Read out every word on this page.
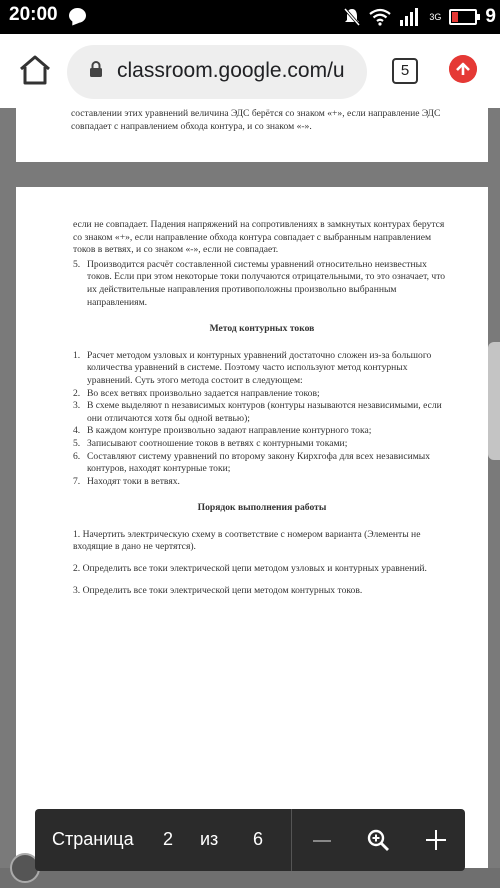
20:00	3G 9
classroom.google.com/u	5

составлении этих уравнений величина ЭДС берётся со знаком «+», если направление ЭДС совпадает с направлением обхода контура, и со знаком «-».

если не совпадает. Падения напряжений на сопротивлениях в замкнутых контурах берутся со знаком «+», если направление обхода контура совпадает с выбранным направлением токов в ветвях, и со знаком «-», если не совпадает.

5. Производится расчёт составленной системы уравнений относительно неизвестных токов. Если при этом некоторые токи получаются отрицательными, то это означает, что их действительные направления противоположны произвольно выбранным направлениям.

Метод контурных токов

1. Расчет методом узловых и контурных уравнений достаточно сложен из-за большого количества уравнений в системе. Поэтому часто используют метод контурных уравнений. Суть этого метода состоит в следующем:
2. Во всех ветвях произвольно задается направление токов;
3. В схеме выделяют n независимых контуров (контуры называются независимыми, если они отличаются хотя бы одной ветвью);
4. В каждом контуре произвольно задают направление контурного тока;
5. Записывают соотношение токов в ветвях с контурными токами;
6. Составляют систему уравнений по второму закону Кирхгофа для всех независимых контуров, находят контурные токи;
7. Находят токи в ветвях.

Порядок выполнения работы

1. Начертить электрическую схему в соответствие с номером варианта (Элементы не входящие в дано не чертятся).

2. Определить все токи электрической цепи методом узловых и контурных уравнений.

3. Определить все токи электрической цепи методом контурных токов.

Страница 2 из 6
